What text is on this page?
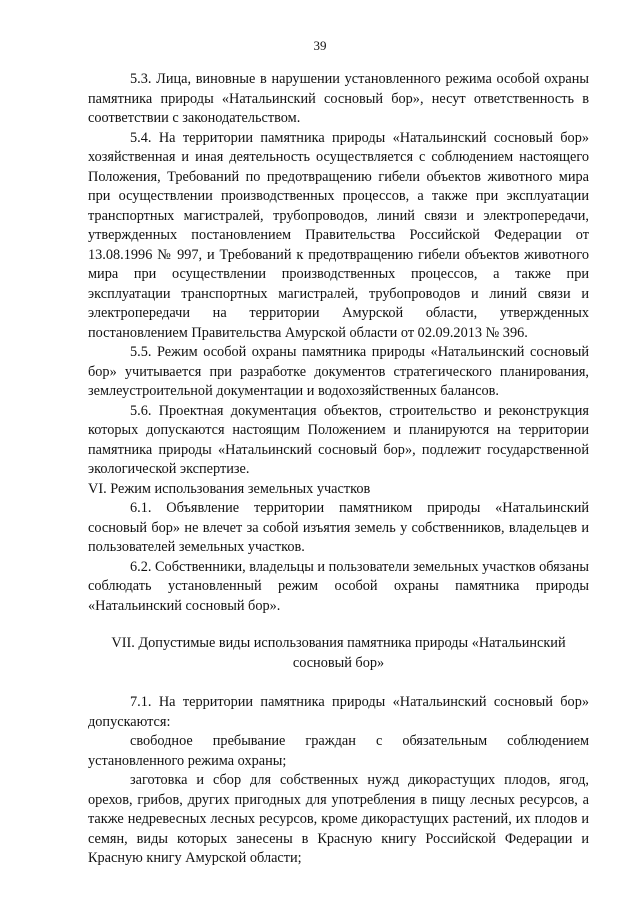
39

5.3. Лица, виновные в нарушении установленного режима особой охраны памятника природы «Натальинский сосновый бор», несут ответственность в соответствии с законодательством.

5.4. На территории памятника природы «Натальинский сосновый бор» хозяйственная и иная деятельность осуществляется с соблюдением настоящего Положения, Требований по предотвращению гибели объектов животного мира при осуществлении производственных процессов, а также при эксплуатации транспортных магистралей, трубопроводов, линий связи и электропередачи, утвержденных постановлением Правительства Российской Федерации от 13.08.1996 № 997, и Требований к предотвращению гибели объектов животного мира при осуществлении производственных процессов, а также при эксплуатации транспортных магистралей, трубопроводов и линий связи и электропередачи на территории Амурской области, утвержденных постановлением Правительства Амурской области от 02.09.2013 № 396.

5.5. Режим особой охраны памятника природы «Натальинский сосновый бор» учитывается при разработке документов стратегического планирования, землеустроительной документации и водохозяйственных балансов.

5.6. Проектная документация объектов, строительство и реконструкция которых допускаются настоящим Положением и планируются на территории памятника природы «Натальинский сосновый бор», подлежит государственной экологической экспертизе.

VI. Режим использования земельных участков

6.1. Объявление территории памятником природы «Натальинский сосновый бор» не влечет за собой изъятия земель у собственников, владельцев и пользователей земельных участков.

6.2. Собственники, владельцы и пользователи земельных участков обязаны соблюдать установленный режим особой охраны памятника природы «Натальинский сосновый бор».

VII. Допустимые виды использования памятника природы «Натальинский
сосновый бор»

7.1. На территории памятника природы «Натальинский сосновый бор» допускаются:

свободное пребывание граждан с обязательным соблюдением установленного режима охраны;

заготовка и сбор для собственных нужд дикорастущих плодов, ягод, орехов, грибов, других пригодных для употребления в пищу лесных ресурсов, а также недревесных лесных ресурсов, кроме дикорастущих растений, их плодов и семян, виды которых занесены в Красную книгу Российской Федерации и Красную книгу Амурской области;
